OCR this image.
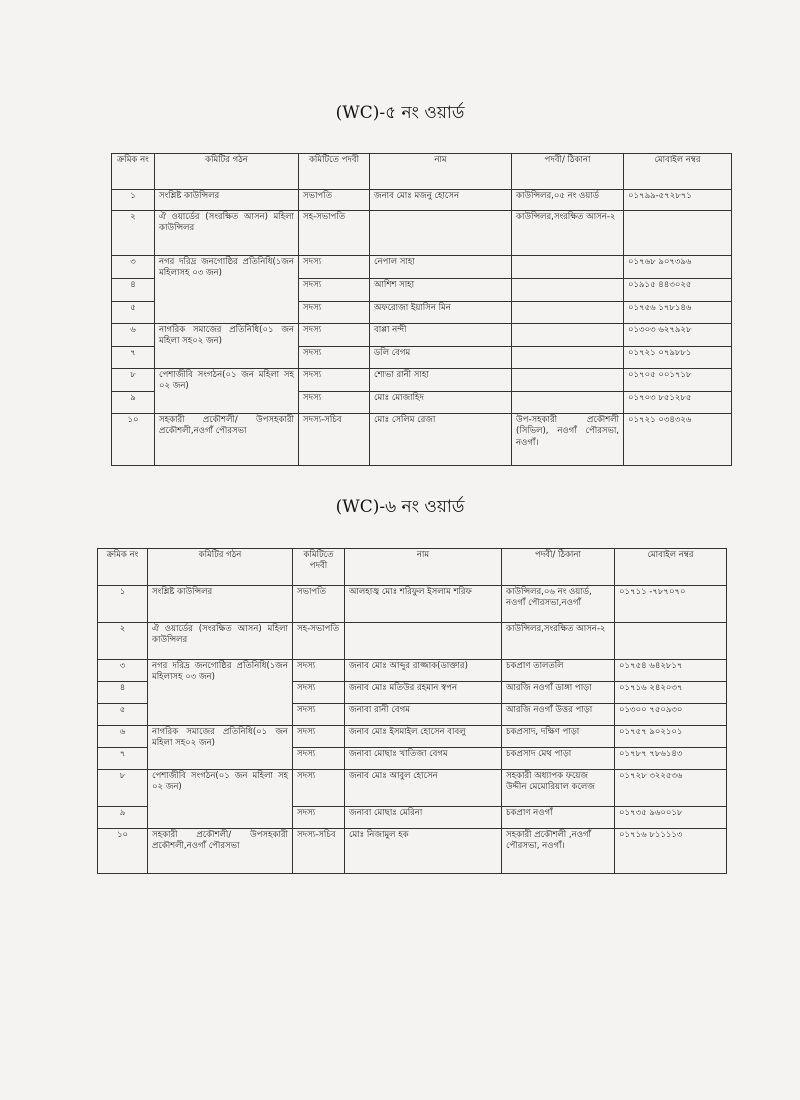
(WC)-৫ নং ওয়ার্ড
ক্রমিক নং	কমিটির গঠন	কমিটিতে পদবী	নাম	পদবী/ ঠিকানা	মোবাইল নম্বর
১	সংশ্লিষ্ট কাউন্সিলর	সভাপতি	জনাব মোঃ মজনু হোসেন	কাউন্সিলর,০৫ নং ওয়ার্ড	০১৭৯৯-৫৭২৮৭১
২	ঐ ওয়ার্ডের (সংরক্ষিত আসন) মহিলা কাউন্সিলর	সহ-সভাপতি		কাউন্সিলর,সংরক্ষিত আসন-২	
৩	নগর দরিদ্র জনগোষ্ঠির প্রতিনিধি(১জন মহিলাসহ ০৩ জন)	সদস্য	নেপাল সাহা		০১৭৬৮ ৯০৭৩৯৬
৪		সদস্য	আশিশ সাহা		০১৯১৫ ৪৪৩০২৫
৫		সদস্য	অফরোজা ইয়াসিন মিন		০১৭৫৬ ১৭৮১৪৬
৬	নাগরিক সমাজের প্রতিনিধি(০১ জন মহিলা সহ০২ জন)	সদস্য	বাপ্পা নন্দী		০১৩০৩ ৬২৭৯২৮
৭		সদস্য	ডলি বেগম		০১৭২১ ০৭৯৮৮১
৮	পেশাজীবি সংগঠন(০১ জন মহিলা সহ ০২ জন)	সদস্য	শোভা রানী সাহা		০১৭০৫ ০০১৭১৮
৯		সদস্য	মোঃ মোজাহিদ		০১৭০৩ ৮৫১২৮৫
১০	সহকারী প্রকৌশলী/ উপসহকারী প্রকৌশলী,নওগাঁ পৌরসভা	সদস্য-সচিব	মোঃ সেলিম রেজা	উপ-সহকারী প্রকৌশলী (সিভিল), নওগাঁ পৌরসভা, নওগাঁ।	০১৭২১ ০৩৪৩২৬
(WC)-৬ নং ওয়ার্ড
ক্রমিক নং	কমিটির গঠন	কমিটিতে পদবী	নাম	পদবী/ ঠিকানা	মোবাইল নম্বর
১	সংশ্লিষ্ট কাউন্সিলর	সভাপতি	আলহাজ্ব মোঃ শরিফুল ইসলাম শরিফ	কাউন্সিলর,০৬ নং ওয়ার্ড, নওগাঁ পৌরসভা,নওগাঁ	০১৭১১ -৭৮৭০৭০
২	ঐ ওয়ার্ডের (সংরক্ষিত আসন) মহিলা কাউন্সিলর	সহ-সভাপতি		কাউন্সিলর,সংরক্ষিত আসন-২	
৩	নগর দরিদ্র জনগোষ্ঠির প্রতিনিধি(১জন মহিলাসহ ০৩ জন)	সদস্য	জনাব মোঃ আব্দুর রাজ্জাক(ডাক্তার)	চকপ্রাণ তালতলি	০১৭৫৪ ৬৪২৮১৭
৪		সদস্য	জনাব মোঃ মতিউর রহমান স্বপন	আরজি নওগাঁ ডাঙ্গা পাড়া	০১৭১৬ ২৪২০৩৭
৫		সদস্য	জনাবা রানী বেগম	আরজি নওগাঁ উত্তর পাড়া	০১৩০০ ৭৫০৯৩০
৬	নাগরিক সমাজের প্রতিনিধি(০১ জন মহিলা সহ০২ জন)	সদস্য	জনাব মোঃ ইসমাইল হোসেন বাবলু	চকপ্রসাদ, দক্ষিণ পাড়া	০১৭৫৭ ৯০২১০১
৭		সদস্য	জনাবা মোছাঃ খাতিজা বেগম	চকপ্রসাদ মেথ পাড়া	০১৭৮৭ ৭৮৬১৪৩
৮	পেশাজীবি সংগঠন(০১ জন মহিলা সহ ০২ জন)	সদস্য	জনাব মোঃ আবুল হোসেন	সহকারী অধ্যাপক ফয়েজ উদ্দীন মেমোরিয়াল কলেজ	০১৭২৮ ৩২২৫৩৬
৯		সদস্য	জনাবা মোছাঃ মেরিনা	চকপ্রাণ নওগাঁ	০১৭৩৫ ৯৬০০১৮
১০	সহকারী প্রকৌশলী/ উপসহকারী প্রকৌশলী,নওগাঁ পৌরসভা	সদস্য-সচিব	মোঃ নিজামুল হক	সহকারী প্রকৌশলী ,নওগাঁ পৌরসভা, নওগাঁ।	০১৭১৬ ৮১১১১৩
